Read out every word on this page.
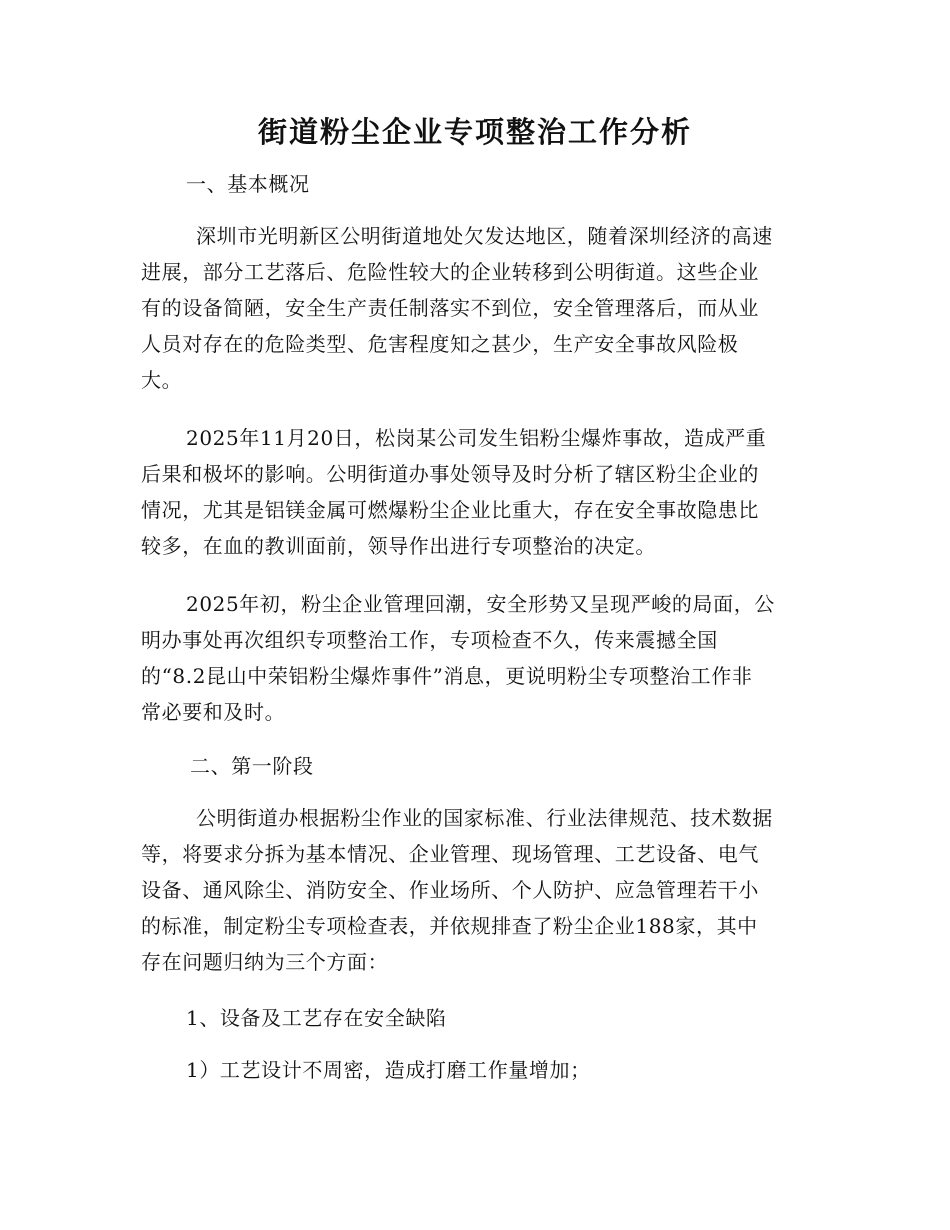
街道粉尘企业专项整治工作分析
一、基本概况
深圳市光明新区公明街道地处欠发达地区，随着深圳经济的高速
进展，部分工艺落后、危险性较大的企业转移到公明街道。这些企业
有的设备简陋，安全生产责任制落实不到位，安全管理落后，而从业
人员对存在的危险类型、危害程度知之甚少，生产安全事故风险极
大。
2025年11月20日，松岗某公司发生铝粉尘爆炸事故，造成严重
后果和极坏的影响。公明街道办事处领导及时分析了辖区粉尘企业的
情况，尤其是铝镁金属可燃爆粉尘企业比重大，存在安全事故隐患比
较多，在血的教训面前，领导作出进行专项整治的决定。
2025年初，粉尘企业管理回潮，安全形势又呈现严峻的局面，公
明办事处再次组织专项整治工作，专项检查不久，传来震撼全国
的“8.2昆山中荣铝粉尘爆炸事件”消息，更说明粉尘专项整治工作非
常必要和及时。
二、第一阶段
公明街道办根据粉尘作业的国家标准、行业法律规范、技术数据
等，将要求分拆为基本情况、企业管理、现场管理、工艺设备、电气
设备、通风除尘、消防安全、作业场所、个人防护、应急管理若干小
的标准，制定粉尘专项检查表，并依规排查了粉尘企业188家，其中
存在问题归纳为三个方面：
1、设备及工艺存在安全缺陷
1）工艺设计不周密，造成打磨工作量增加；
